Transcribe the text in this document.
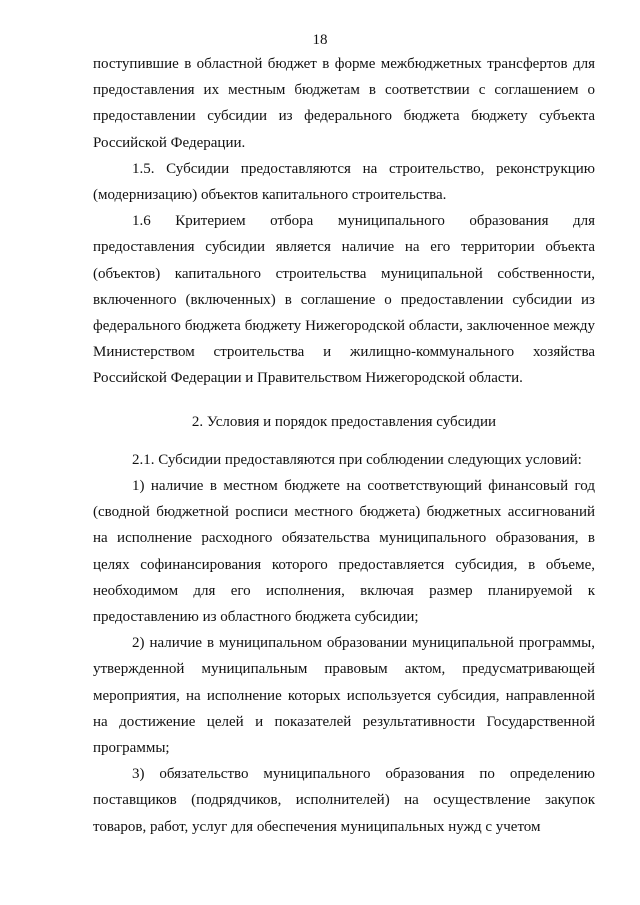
18

поступившие в областной бюджет в форме межбюджетных трансфертов для предоставления их местным бюджетам в соответствии с соглашением о предоставлении субсидии из федерального бюджета бюджету субъекта Российской Федерации.

1.5. Субсидии предоставляются на строительство, реконструкцию (модернизацию) объектов капитального строительства.

1.6 Критерием отбора муниципального образования для предоставления субсидии является наличие на его территории объекта (объектов) капитального строительства муниципальной собственности, включенного (включенных) в соглашение о предоставлении субсидии из федерального бюджета бюджету Нижегородской области, заключенное между Министерством строительства и жилищно-коммунального хозяйства Российской Федерации и Правительством Нижегородской области.

2. Условия и порядок предоставления субсидии

2.1. Субсидии предоставляются при соблюдении следующих условий:

1) наличие в местном бюджете на соответствующий финансовый год (сводной бюджетной росписи местного бюджета) бюджетных ассигнований на исполнение расходного обязательства муниципального образования, в целях софинансирования которого предоставляется субсидия, в объеме, необходимом для его исполнения, включая размер планируемой к предоставлению из областного бюджета субсидии;

2) наличие в муниципальном образовании муниципальной программы, утвержденной муниципальным правовым актом, предусматривающей мероприятия, на исполнение которых используется субсидия, направленной на достижение целей и показателей результативности Государственной программы;

3) обязательство муниципального образования по определению поставщиков (подрядчиков, исполнителей) на осуществление закупок товаров, работ, услуг для обеспечения муниципальных нужд с учетом
